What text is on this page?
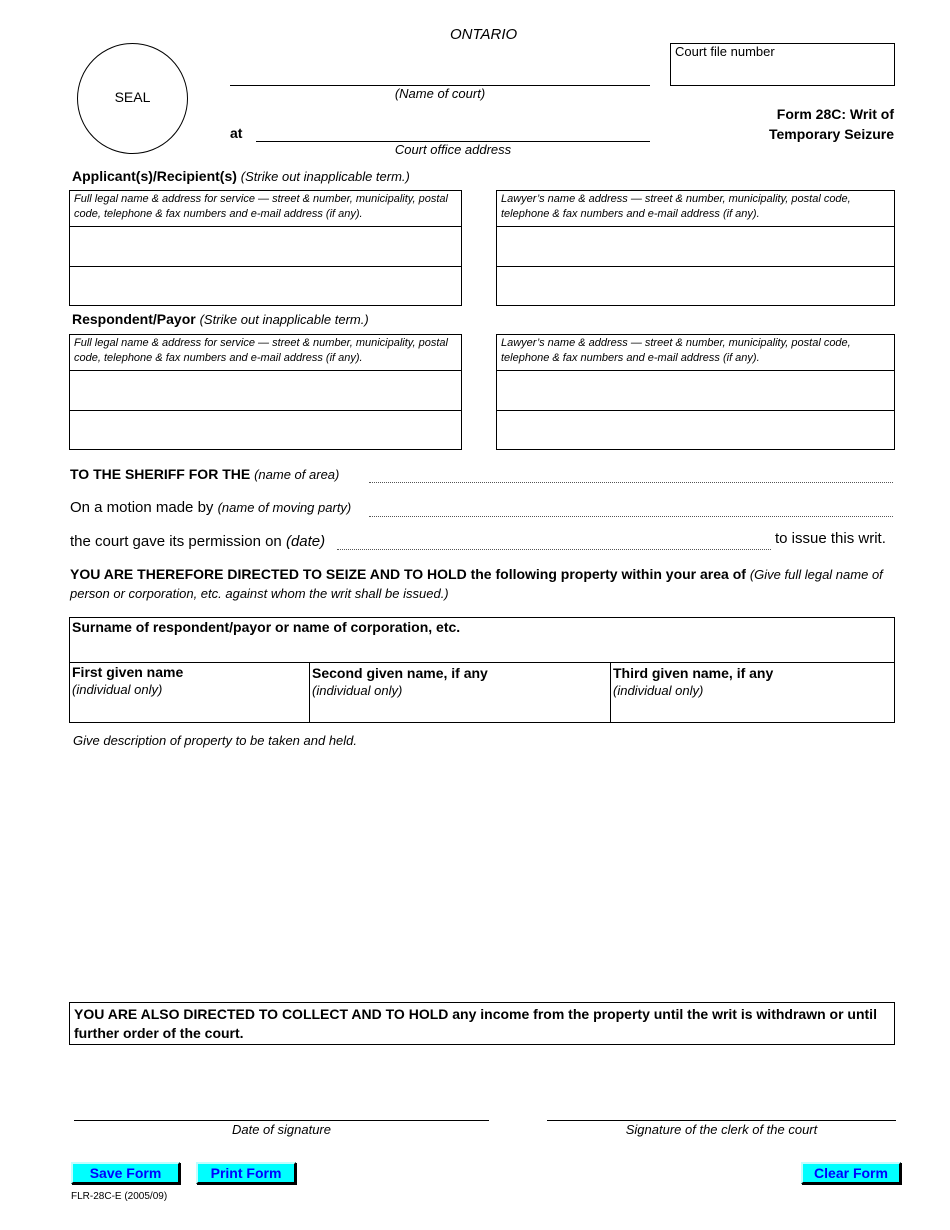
ONTARIO
SEAL	(Name of court)
at
Court office address
Court file number
Form 28C: Writ of
Temporary Seizure
Applicant(s)/Recipient(s) (Strike out inapplicable term.)
Full legal name & address for service — street & number, municipality, postal code, telephone & fax numbers and e-mail address (if any).
Lawyer’s name & address — street & number, municipality, postal code, telephone & fax numbers and e-mail address (if any).
Respondent/Payor (Strike out inapplicable term.)
Full legal name & address for service — street & number, municipality, postal code, telephone & fax numbers and e-mail address (if any).
Lawyer’s name & address — street & number, municipality, postal code, telephone & fax numbers and e-mail address (if any).
TO THE SHERIFF FOR THE (name of area)
On a motion made by (name of moving party)
the court gave its permission on (date)	to issue this writ.
YOU ARE THEREFORE DIRECTED TO SEIZE AND TO HOLD the following property within your area of (Give full legal name of person or corporation, etc. against whom the writ shall be issued.)
Surname of respondent/payor or name of corporation, etc.
First given name
(individual only)
Second given name, if any
(individual only)
Third given name, if any
(individual only)
Give description of property to be taken and held.
YOU ARE ALSO DIRECTED TO COLLECT AND TO HOLD any income from the property until the writ is withdrawn or until further order of the court.
Date of signature	Signature of the clerk of the court
Save Form	Print Form	Clear Form
FLR-28C-E (2005/09)
